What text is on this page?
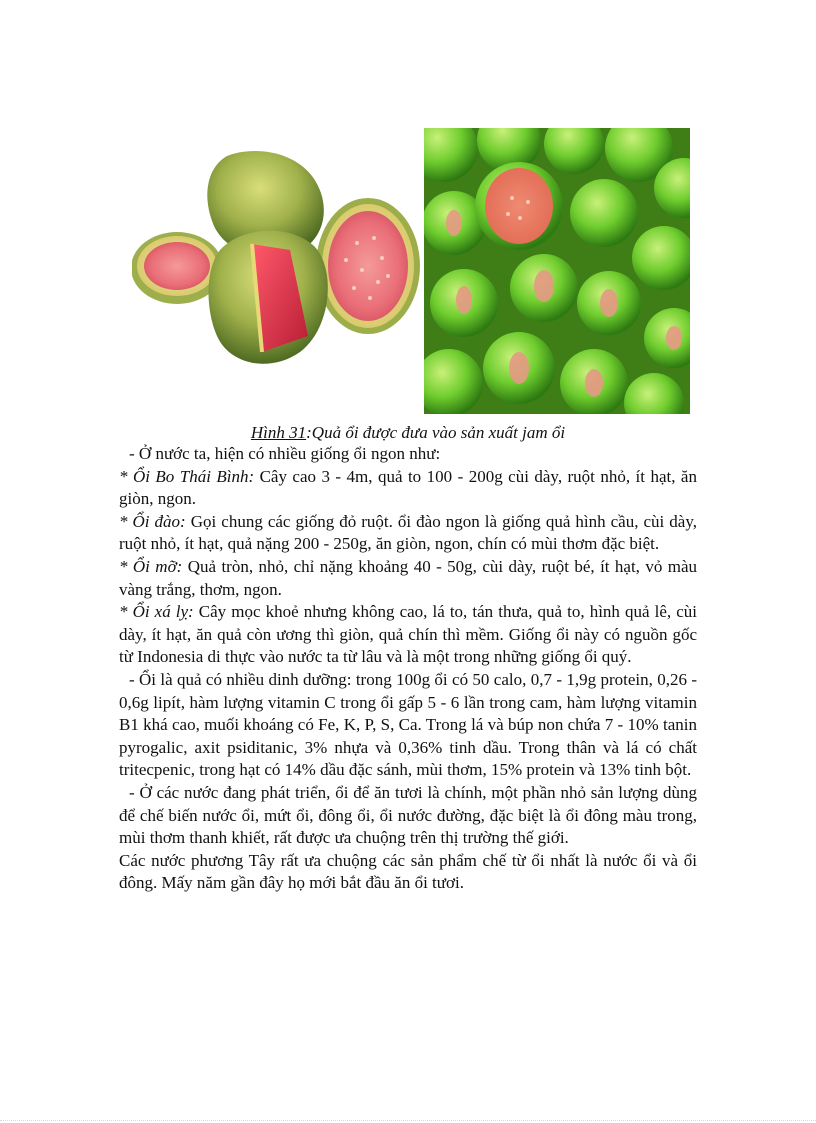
Hình 31:Quả ổi được đưa vào sản xuất jam ổi

- Ở nước ta, hiện có nhiều giống ổi ngon như:

* Ổi Bo Thái Bình: Cây cao 3 - 4m, quả to 100 - 200g cùi dày, ruột nhỏ, ít hạt, ăn giòn, ngon.

* Ổi đào: Gọi chung các giống đỏ ruột. ổi đào ngon là giống quả hình cầu, cùi dày, ruột nhỏ, ít hạt, quả nặng 200 - 250g, ăn giòn, ngon, chín có mùi thơm đặc biệt.

* Ổi mỡ: Quả tròn, nhỏ, chỉ nặng khoảng 40 - 50g, cùi dày, ruột bé, ít hạt, vỏ màu vàng trắng, thơm, ngon.

* Ổi xá lỵ: Cây mọc khoẻ nhưng không cao, lá to, tán thưa, quả to, hình quả lê, cùi dày, ít hạt, ăn quả còn ương thì giòn, quả chín thì mềm. Giống ổi này có nguồn gốc từ Indonesia di thực vào nước ta từ lâu và là một trong những giống ổi quý.

- Ổi là quả có nhiều dinh dưỡng: trong 100g ổi có 50 calo, 0,7 - 1,9g protein, 0,26 - 0,6g lipít, hàm lượng vitamin C trong ổi gấp 5 - 6 lần trong cam, hàm lượng vitamin B1 khá cao, muối khoáng có Fe, K, P, S, Ca. Trong lá và búp non chứa 7 - 10% tanin pyrogalic, axit psiditanic, 3% nhựa và 0,36% tinh dầu. Trong thân và lá có chất tritecpenic, trong hạt có 14% dầu đặc sánh, mùi thơm, 15% protein và 13% tinh bột.

- Ở các nước đang phát triển, ổi để ăn tươi là chính, một phần nhỏ sản lượng dùng để chế biến nước ổi, mứt ổi, đông ổi, ổi nước đường, đặc biệt là ổi đông màu trong, mùi thơm thanh khiết, rất được ưa chuộng trên thị trường thế giới.

Các nước phương Tây rất ưa chuộng các sản phẩm chế từ ổi nhất là nước ổi và ổi đông. Mấy năm gần đây họ mới bắt đầu ăn ổi tươi.
